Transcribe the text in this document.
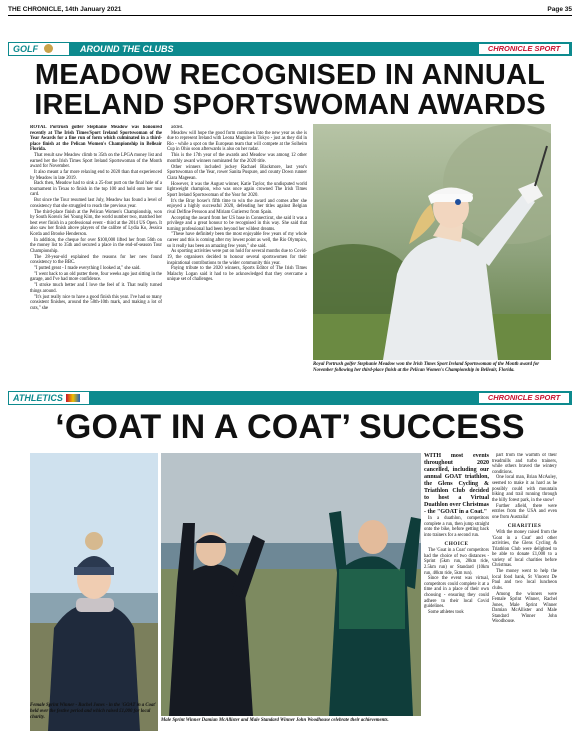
THE CHRONICLE, 14th January 2021	Page 35
GOLF	AROUND THE CLUBS	CHRONICLE SPORT
MEADOW RECOGNISED IN ANNUAL
IRELAND SPORTSWOMAN AWARDS

ROYAL Portrush golfer Stephanie Meadow was honoured recently at The Irish Times/Sport Ireland Sportswoman of the Year Awards for a fine run of form which culminated in a third-place finish at the Pelican Women's Championship in Belleair Florida.

That result saw Meadow climb to 35th on the LPGA money list and earned her the Irish Times Sport Ireland Sportswoman of the Month award for November.

It also meant a far more relaxing end to 2020 than that experienced by Meadow in late 2019.

Back then, Meadow had to sink a 25-foot putt on the final hole of a tournament in Texas to finish in the top 100 and hold onto her tour card.

But since the Tour resumed last July, Meadow has found a level of consistency that she struggled to reach the previous year.

The third-place finish at the Pelican Women's Championship, won by South Korea's Sei Young Kim, the world number two, matched her best ever finish in a professional event - third at the 2014 US Open. It also saw her finish above players of the calibre of Lydia Ko, Jessica Korda and Brooke Henderson.

In addition, the cheque for over $100,000 lifted her from 56th on the money list to 35th and secured a place in the end-of-season Tour Championship.

The 28-year-old explained the reasons for her new found consistency to the BBC.

"I putted great - I made everything I looked at," she said.

"I went back to an old putter there, four weeks ago just sitting in the garage, and I've had more confidence.

"I stroke much better and I love the feel of it. That really turned things around.

"It's just really nice to have a good finish this year. I've had so many consistent finishes, around the 50th-10th mark, and making a lot of cuts," she

added.

Meadow will hope the good form continues into the new year as she is due to represent Ireland with Leona Maguire in Tokyo - just as they did in Rio - while a spot on the European team that will compete at the Solheim Cup in Ohio soon afterwards is also on her radar.

This is the 17th year of the awards and Meadow was among 12 other monthly award winners nominated for the 2020 title.

Other winners included jockey Rachael Blackmore, last year's Sportswoman of the Year, rower Sanita Puspure, and county Down runner Ciara Mageean.

However, it was the August winner, Katie Taylor, the undisputed world lightweight champion, who was once again crowned The Irish Times Sport Ireland Sportswoman of the Year for 2020.

It's the Bray boxer's fifth time to win the award and comes after she enjoyed a highly successful 2020, defending her titles against Belgian rival Delfine Persoon and Miriam Gutierrez from Spain.

Accepting the award from her US base in Connecticut, she said it was a privilege and a great honour to be recognised in this way. She said that turning professional had been beyond her wildest dreams.

"These have definitely been the most enjoyable few years of my whole career and this is coming after my lowest point as well, the Rio Olympics, so it really has been an amazing few years," she said.

As sporting activities were put on hold for several months due to Covid-19, the organisers decided to honour several sportswomen for their inspirational contributions to the wider community this year.

Paying tribute to the 2020 winners, Sports Editor of The Irish Times Malachy Logan said it had to be acknowledged that they overcame a unique set of challenges.

Royal Portrush golfer Stephanie Meadow won the Irish Times Sport Ireland Sportswoman of the Month award for November following her third-place finish at the Pelican Women's Championship in Belleair, Florida.
ATHLETICS	CHRONICLE SPORT
‘GOAT IN A COAT’ SUCCESS
Female Sprint Winner - Rachel Jones - in the 'GOAT in a Coat' held over the festive period and which raised £1,000 for local charity.
Male Sprint Winner Damian McAllister and Male Standard Winner John Woodhouse celebrate their achievements.

WITH most events throughout 2020 cancelled, including our annual GOAT triathlon, the Glens Cycling & Triathlon Club decided to host a Virtual Duathlon over Christmas - the "GOAT in a Coat."

In a duathlon, competitors complete a run, then jump straight onto the bike, before getting back into trainers for a second run.

CHOICE

The 'Goat in a Coat' competitors had the choice of two distances - Sprint (5km run, 20km ride, 2.5km run) or Standard (10km run, 40km ride, 5km run).

Since the event was virtual, competitors could complete it at a time and in a place of their own choosing - ensuring they could adhere to their local Covid guidelines.

Some athletes took

part from the warmth of their treadmills and turbo trainers, while others braved the wintery conditions.

One local man, Brian McAuley, seemed to make it as hard as he possibly could with mountain biking and trail running through the hilly forest park, in the snow!

Further afield, there were entries from the USA and even one from Australia!

CHARITIES

With the money raised from the 'Goat in a Coat' and other activities, the Glens Cycling & Triathlon Club were delighted to be able to donate £1,000 to a variety of local charities before Christmas.

The money went to help the local food bank, St Vincent De Paul and two local luncheon clubs.

Among the winners were Female Sprint Winner, Rachel Jones, Male Sprint Winner Damian McAllister and Male Standard Winner John Woodhouse.
